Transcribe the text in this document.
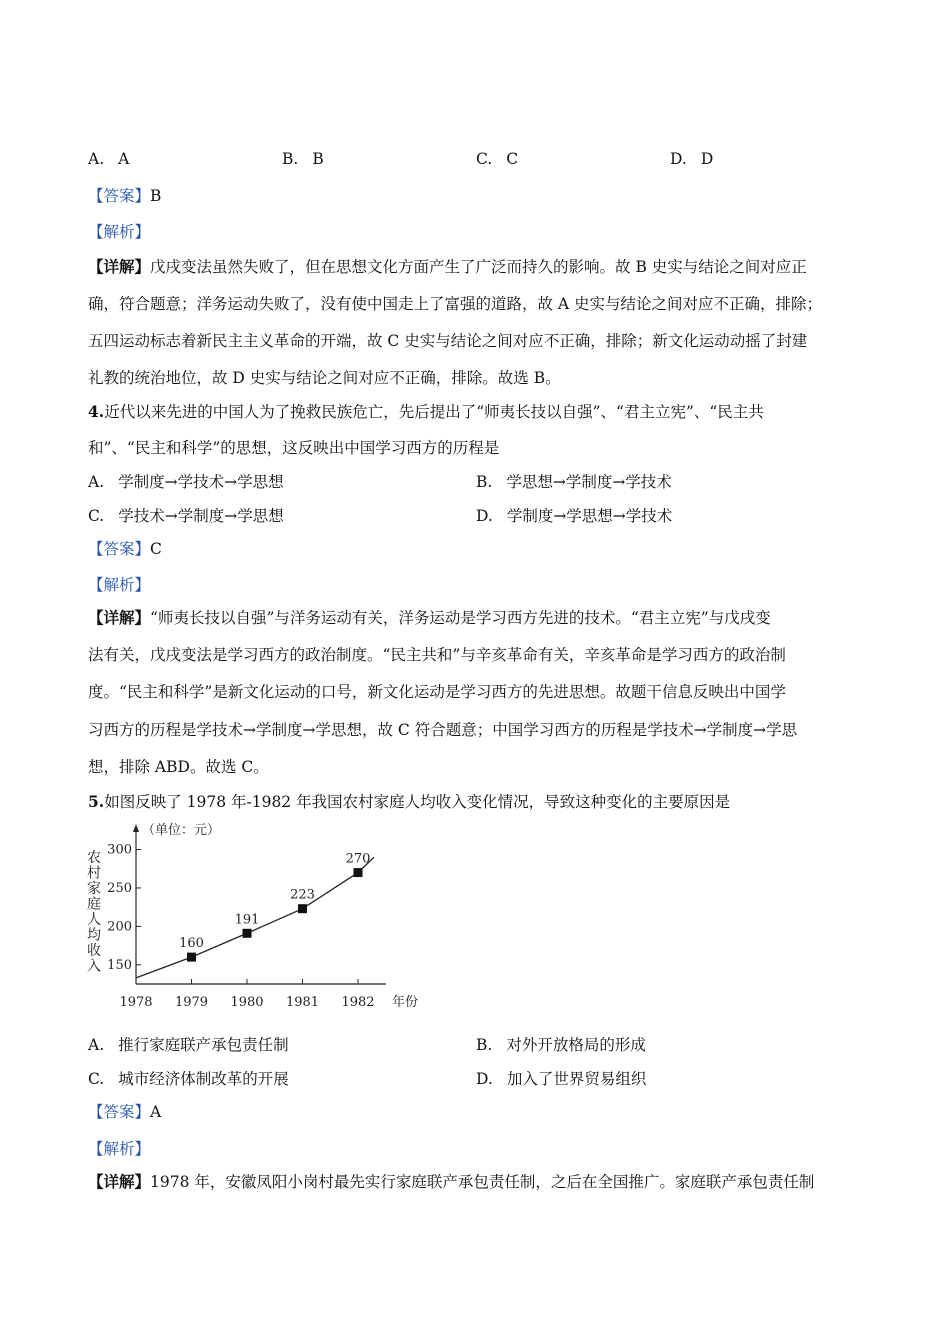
A. A	B. B	C. C	D. D
【答案】B
【解析】
【详解】戊戌变法虽然失败了，但在思想文化方面产生了广泛而持久的影响。故 B 史实与结论之间对应正
确，符合题意；洋务运动失败了，没有使中国走上了富强的道路，故 A 史实与结论之间对应不正确，排除；
五四运动标志着新民主主义革命的开端，故 C 史实与结论之间对应不正确，排除；新文化运动动摇了封建
礼教的统治地位，故 D 史实与结论之间对应不正确，排除。故选 B。
4.近代以来先进的中国人为了挽救民族危亡，先后提出了“师夷长技以自强”、“君主立宪”、“民主共
和”、“民主和科学”的思想，这反映出中国学习西方的历程是
A. 学制度→学技术→学思想	B. 学思想→学制度→学技术
C. 学技术→学制度→学思想	D. 学制度→学思想→学技术
【答案】C
【解析】
【详解】“师夷长技以自强”与洋务运动有关，洋务运动是学习西方先进的技术。“君主立宪”与戊戌变
法有关，戊戌变法是学习西方的政治制度。“民主共和”与辛亥革命有关，辛亥革命是学习西方的政治制
度。“民主和科学”是新文化运动的口号，新文化运动是学习西方的先进思想。故题干信息反映出中国学
习西方的历程是学技术→学制度→学思想，故 C 符合题意；中国学习西方的历程是学技术→学制度→学思
想，排除 ABD。故选 C。
5.如图反映了 1978 年-1982 年我国农村家庭人均收入变化情况，导致这种变化的主要原因是
（单位：元）
农
村
家
庭
人
均
收
入 150
200
250
300
1978 1979 1980 1981 1982 年份
160
191
223
270
A. 推行家庭联产承包责任制	B. 对外开放格局的形成
C. 城市经济体制改革的开展	D. 加入了世界贸易组织
【答案】A
【解析】
【详解】1978 年，安徽凤阳小岗村最先实行家庭联产承包责任制，之后在全国推广。家庭联产承包责任制
